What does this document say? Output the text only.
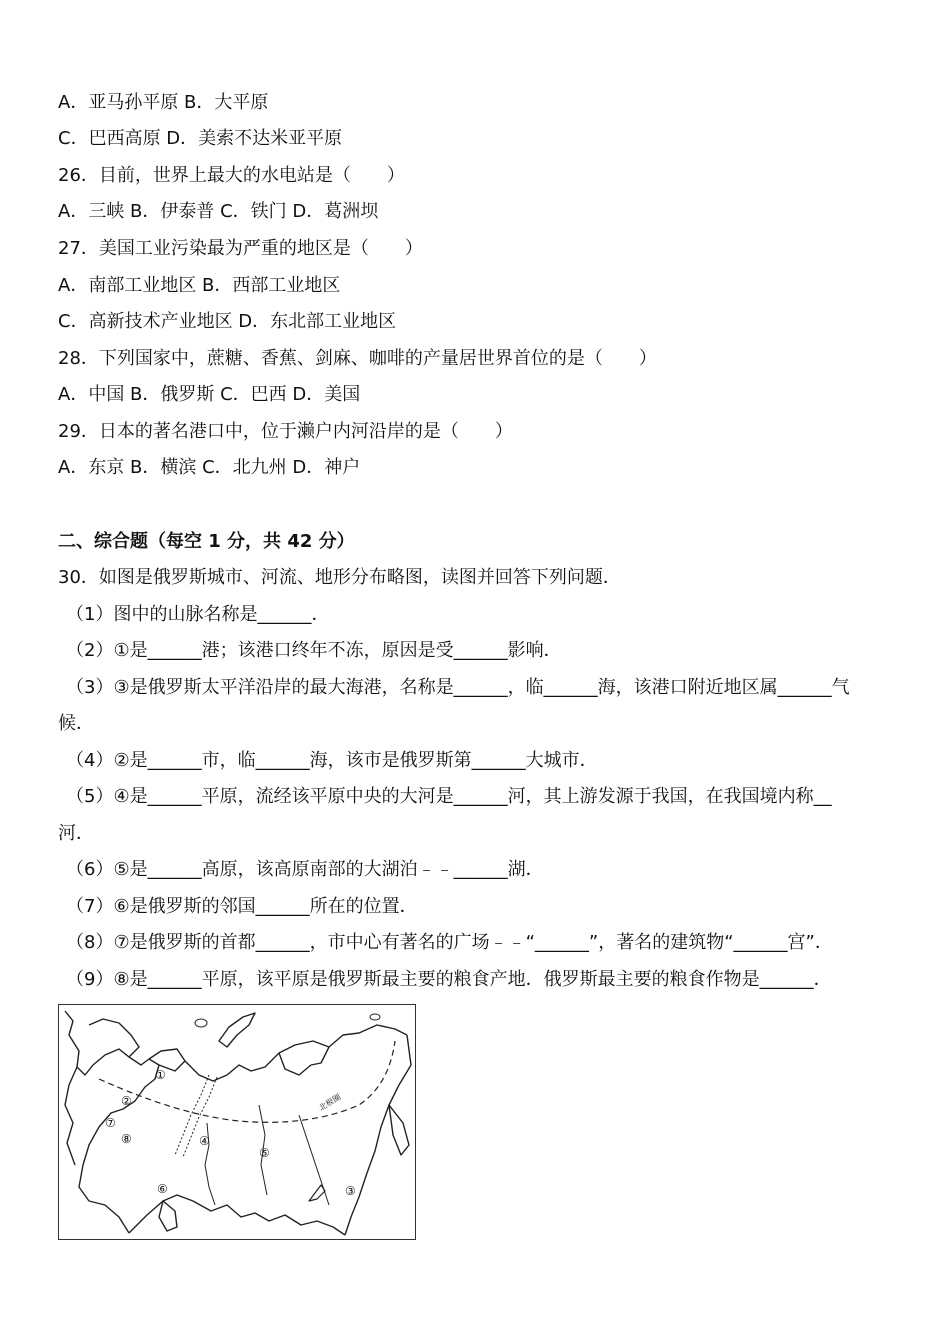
A．亚马孙平原 B．大平原
C．巴西高原 D．美索不达米亚平原
26．目前，世界上最大的水电站是（　　）
A．三峡 B．伊泰普 C．铁门 D．葛洲坝
27．美国工业污染最为严重的地区是（　　）
A．南部工业地区 B．西部工业地区
C．高新技术产业地区 D．东北部工业地区
28．下列国家中，蔗糖、香蕉、剑麻、咖啡的产量居世界首位的是（　　）
A．中国 B．俄罗斯 C．巴西 D．美国
29．日本的著名港口中，位于濑户内河沿岸的是（　　）
A．东京 B．横滨 C．北九州 D．神户
二、综合题（每空 1 分，共 42 分）
30．如图是俄罗斯城市、河流、地形分布略图，读图并回答下列问题．
（1）图中的山脉名称是______．
（2）①是______港；该港口终年不冻，原因是受______影响．
（3）③是俄罗斯太平洋沿岸的最大海港，名称是______，临______海，该港口附近地区属______气
候．
（4）②是______市，临______海，该市是俄罗斯第______大城市．
（5）④是______平原，流经该平原中央的大河是______河，其上游发源于我国，在我国境内称__
河．
（6）⑤是______高原，该高原南部的大湖泊﹣﹣______湖．
（7）⑥是俄罗斯的邻国______所在的位置．
（8）⑦是俄罗斯的首都______，市中心有著名的广场﹣﹣“______”，著名的建筑物“______宫”．
（9）⑧是______平原，该平原是俄罗斯最主要的粮食产地．俄罗斯最主要的粮食作物是______．
北极圈
①
②
⑦
⑧	④
⑤
⑥	③
